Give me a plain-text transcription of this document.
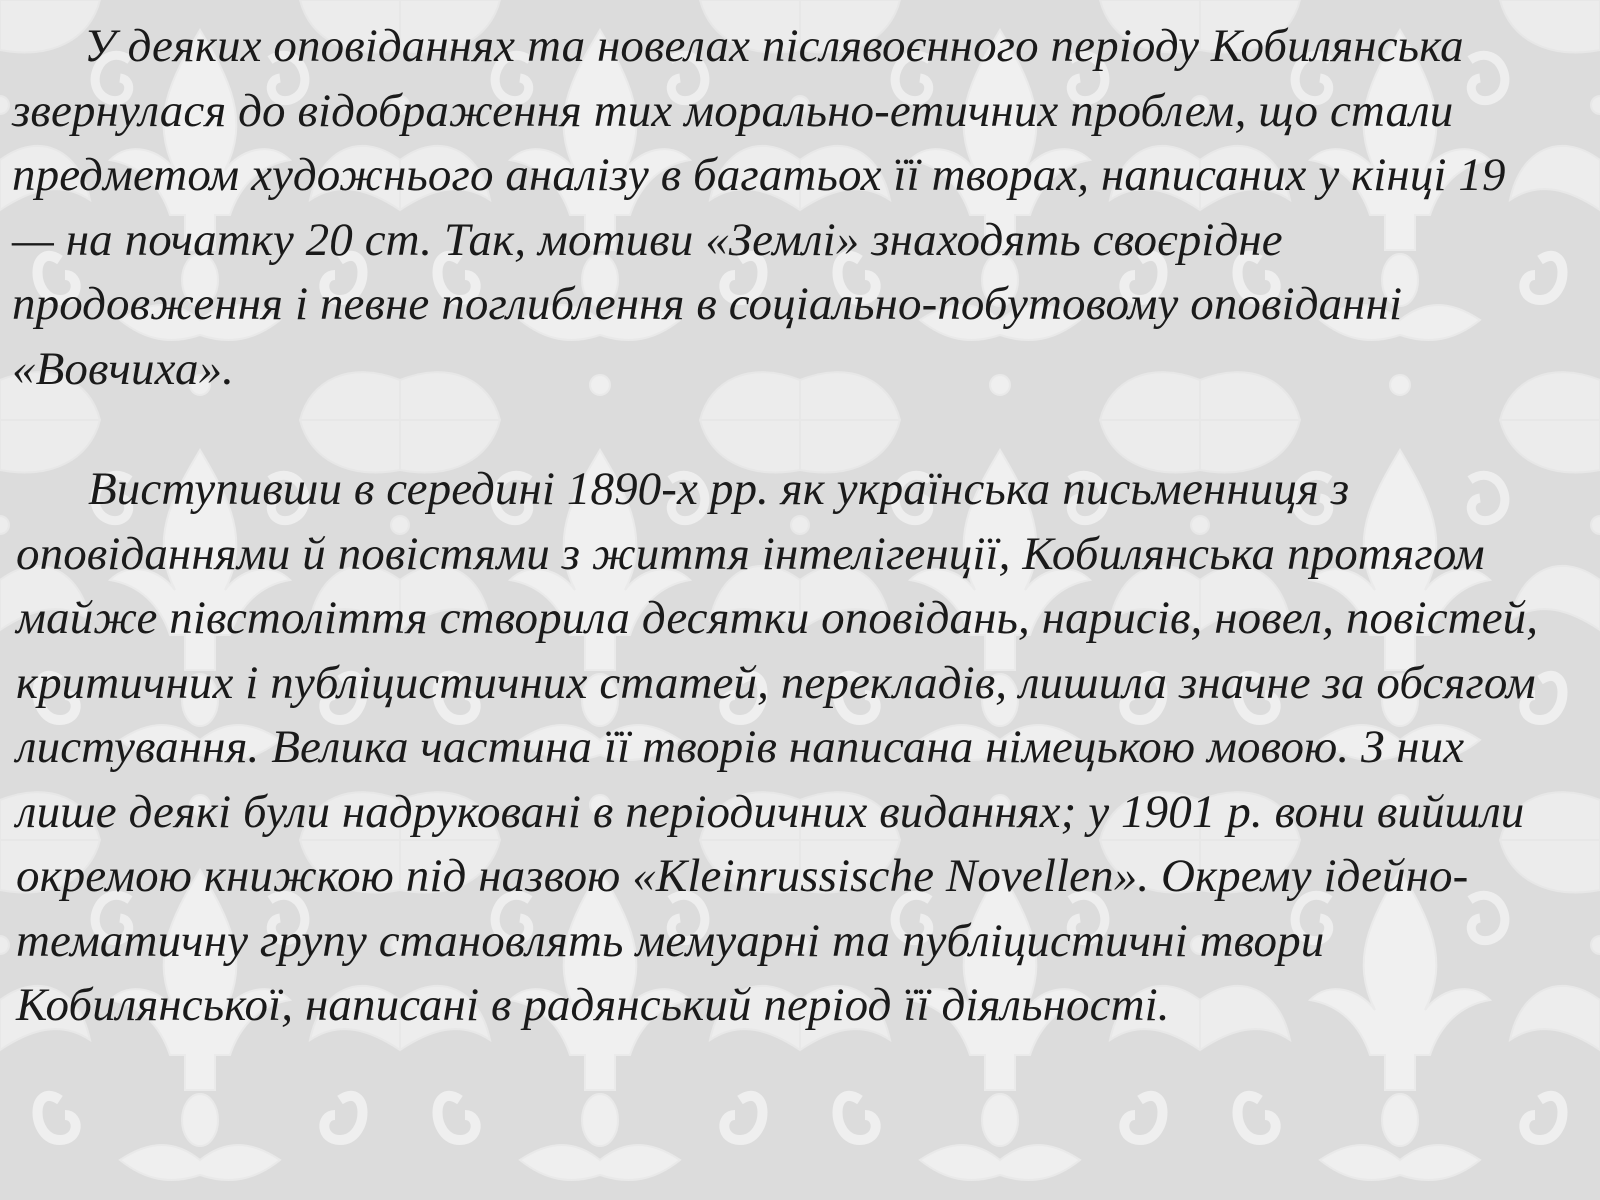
У деяких оповіданнях та новелах післявоєнного періоду Кобилянська звернулася до відображення тих морально-етичних проблем, що стали предметом художнього аналізу в багатьох її творах, написаних у кінці 19 — на початку 20 ст. Так, мотиви «Землі» знаходять своєрідне продовження і певне поглиблення в соціально-побутовому оповіданні «Вовчиха».

Виступивши в середині 1890-х рр. як українська письменниця з оповіданнями й повістями з життя інтелігенції, Кобилянська протягом майже півстоліття створила десятки оповідань, нарисів, новел, повістей, критичних і публіцистичних статей, перекладів, лишила значне за обсягом листування. Велика частина її творів написана німецькою мовою. З них лише деякі були надруковані в періодичних виданнях; у 1901 р. вони вийшли окремою книжкою під назвою «Kleinrussische Novellen». Окрему ідейно-тематичну групу становлять мемуарні та публіцистичні твори Кобилянської, написані в радянський період її діяльності.
